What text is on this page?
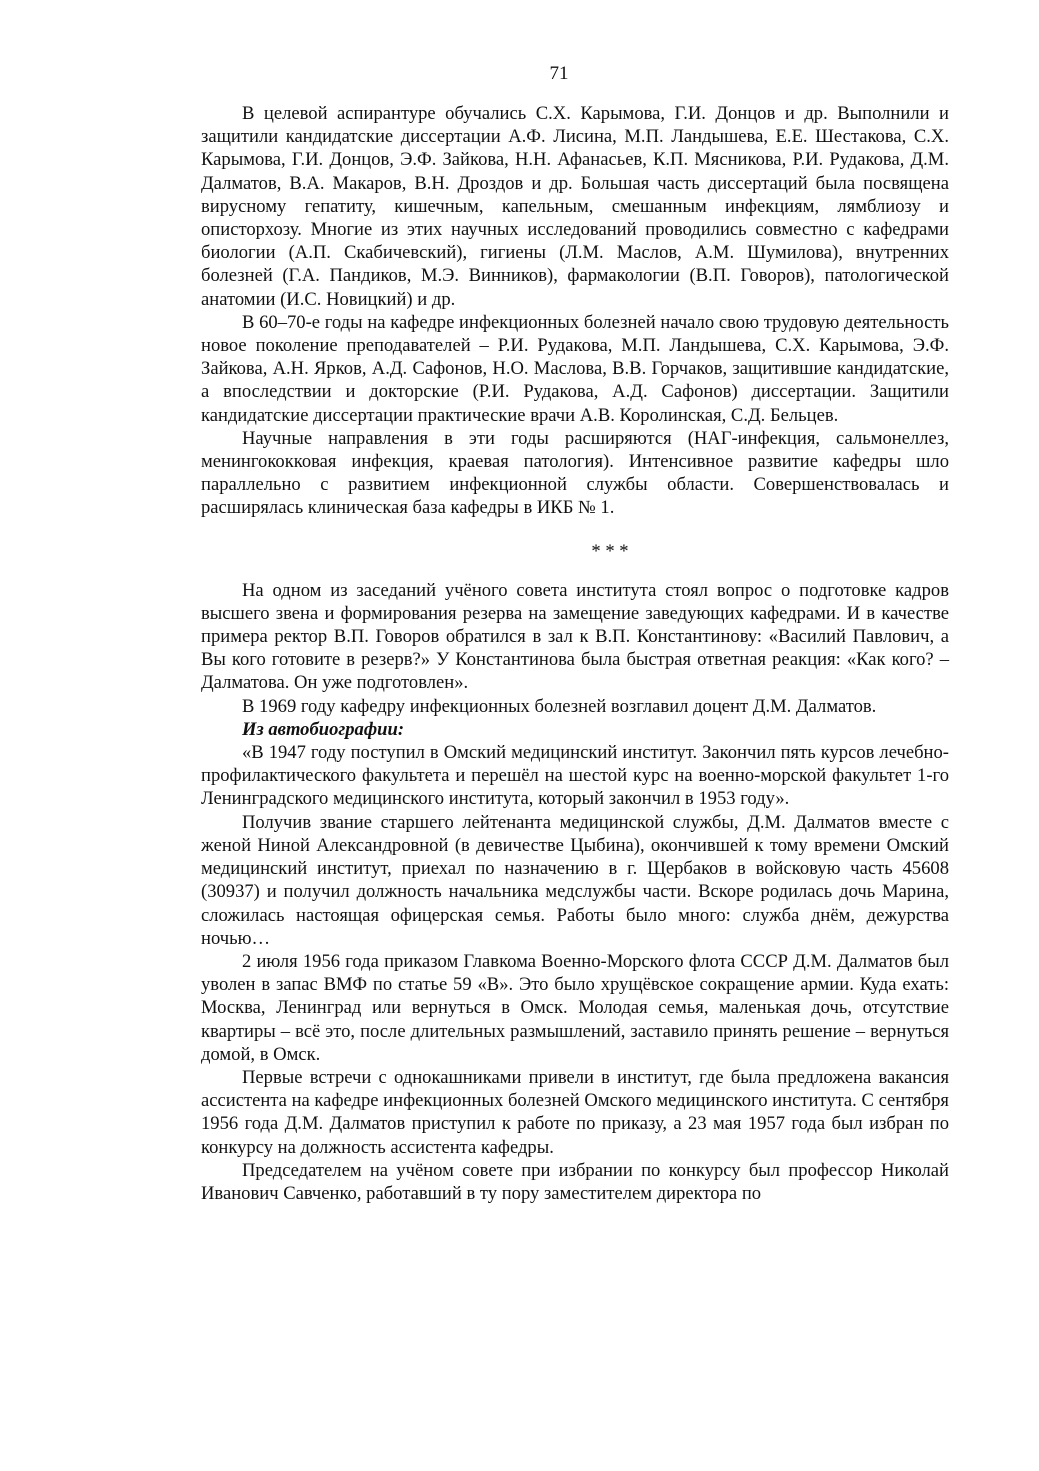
71

В целевой аспирантуре обучались С.Х. Карымова, Г.И. Донцов и др. Выполнили и защитили кандидатские диссертации А.Ф. Лисина, М.П. Ландышева, Е.Е. Шестакова, С.Х. Карымова, Г.И. Донцов, Э.Ф. Зайкова, Н.Н. Афанасьев, К.П. Мясникова, Р.И. Рудакова, Д.М. Далматов, В.А. Макаров, В.Н. Дроздов и др. Большая часть диссертаций была посвящена вирусному гепатиту, кишечным, капельным, смешанным инфекциям, лямблиозу и описторхозу. Многие из этих научных исследований проводились совместно с кафедрами биологии (А.П. Скабичевский), гигиены (Л.М. Маслов, А.М. Шумилова), внутренних болезней (Г.А. Пандиков, М.Э. Винников), фармакологии (В.П. Говоров), патологической анатомии (И.С. Новицкий) и др.

В 60–70-е годы на кафедре инфекционных болезней начало свою трудовую деятельность новое поколение преподавателей – Р.И. Рудакова, М.П. Ландышева, С.Х. Карымова, Э.Ф. Зайкова, А.Н. Ярков, А.Д. Сафонов, Н.О. Маслова, В.В. Горчаков, защитившие кандидатские, а впоследствии и докторские (Р.И. Рудакова, А.Д. Сафонов) диссертации. Защитили кандидатские диссертации практические врачи А.В. Королинская, С.Д. Бельцев.

Научные направления в эти годы расширяются (НАГ-инфекция, сальмонеллез, менингококковая инфекция, краевая патология). Интенсивное развитие кафедры шло параллельно с развитием инфекционной службы области. Совершенствовалась и расширялась клиническая база кафедры в ИКБ № 1.

* * *

На одном из заседаний учёного совета института стоял вопрос о подготовке кадров высшего звена и формирования резерва на замещение заведующих кафедрами. И в качестве примера ректор В.П. Говоров обратился в зал к В.П. Константинову: «Василий Павлович, а Вы кого готовите в резерв?» У Константинова была быстрая ответная реакция: «Как кого? – Далматова. Он уже подготовлен».

В 1969 году кафедру инфекционных болезней возглавил доцент Д.М. Далматов.

Из автобиографии:

«В 1947 году поступил в Омский медицинский институт. Закончил пять курсов лечебно-профилактического факультета и перешёл на шестой курс на военно-морской факультет 1-го Ленинградского медицинского института, который закончил в 1953 году».

Получив звание старшего лейтенанта медицинской службы, Д.М. Далматов вместе с женой Ниной Александровной (в девичестве Цыбина), окончившей к тому времени Омский медицинский институт, приехал по назначению в г. Щербаков в войсковую часть 45608 (30937) и получил должность начальника медслужбы части. Вскоре родилась дочь Марина, сложилась настоящая офицерская семья. Работы было много: служба днём, дежурства ночью…

2 июля 1956 года приказом Главкома Военно-Морского флота СССР Д.М. Далматов был уволен в запас ВМФ по статье 59 «В». Это было хрущёвское сокращение армии. Куда ехать: Москва, Ленинград или вернуться в Омск. Молодая семья, маленькая дочь, отсутствие квартиры – всё это, после длительных размышлений, заставило принять решение – вернуться домой, в Омск.

Первые встречи с однокашниками привели в институт, где была предложена вакансия ассистента на кафедре инфекционных болезней Омского медицинского института. С сентября 1956 года Д.М. Далматов приступил к работе по приказу, а 23 мая 1957 года был избран по конкурсу на должность ассистента кафедры.

Председателем на учёном совете при избрании по конкурсу был профессор Николай Иванович Савченко, работавший в ту пору заместителем директора по
